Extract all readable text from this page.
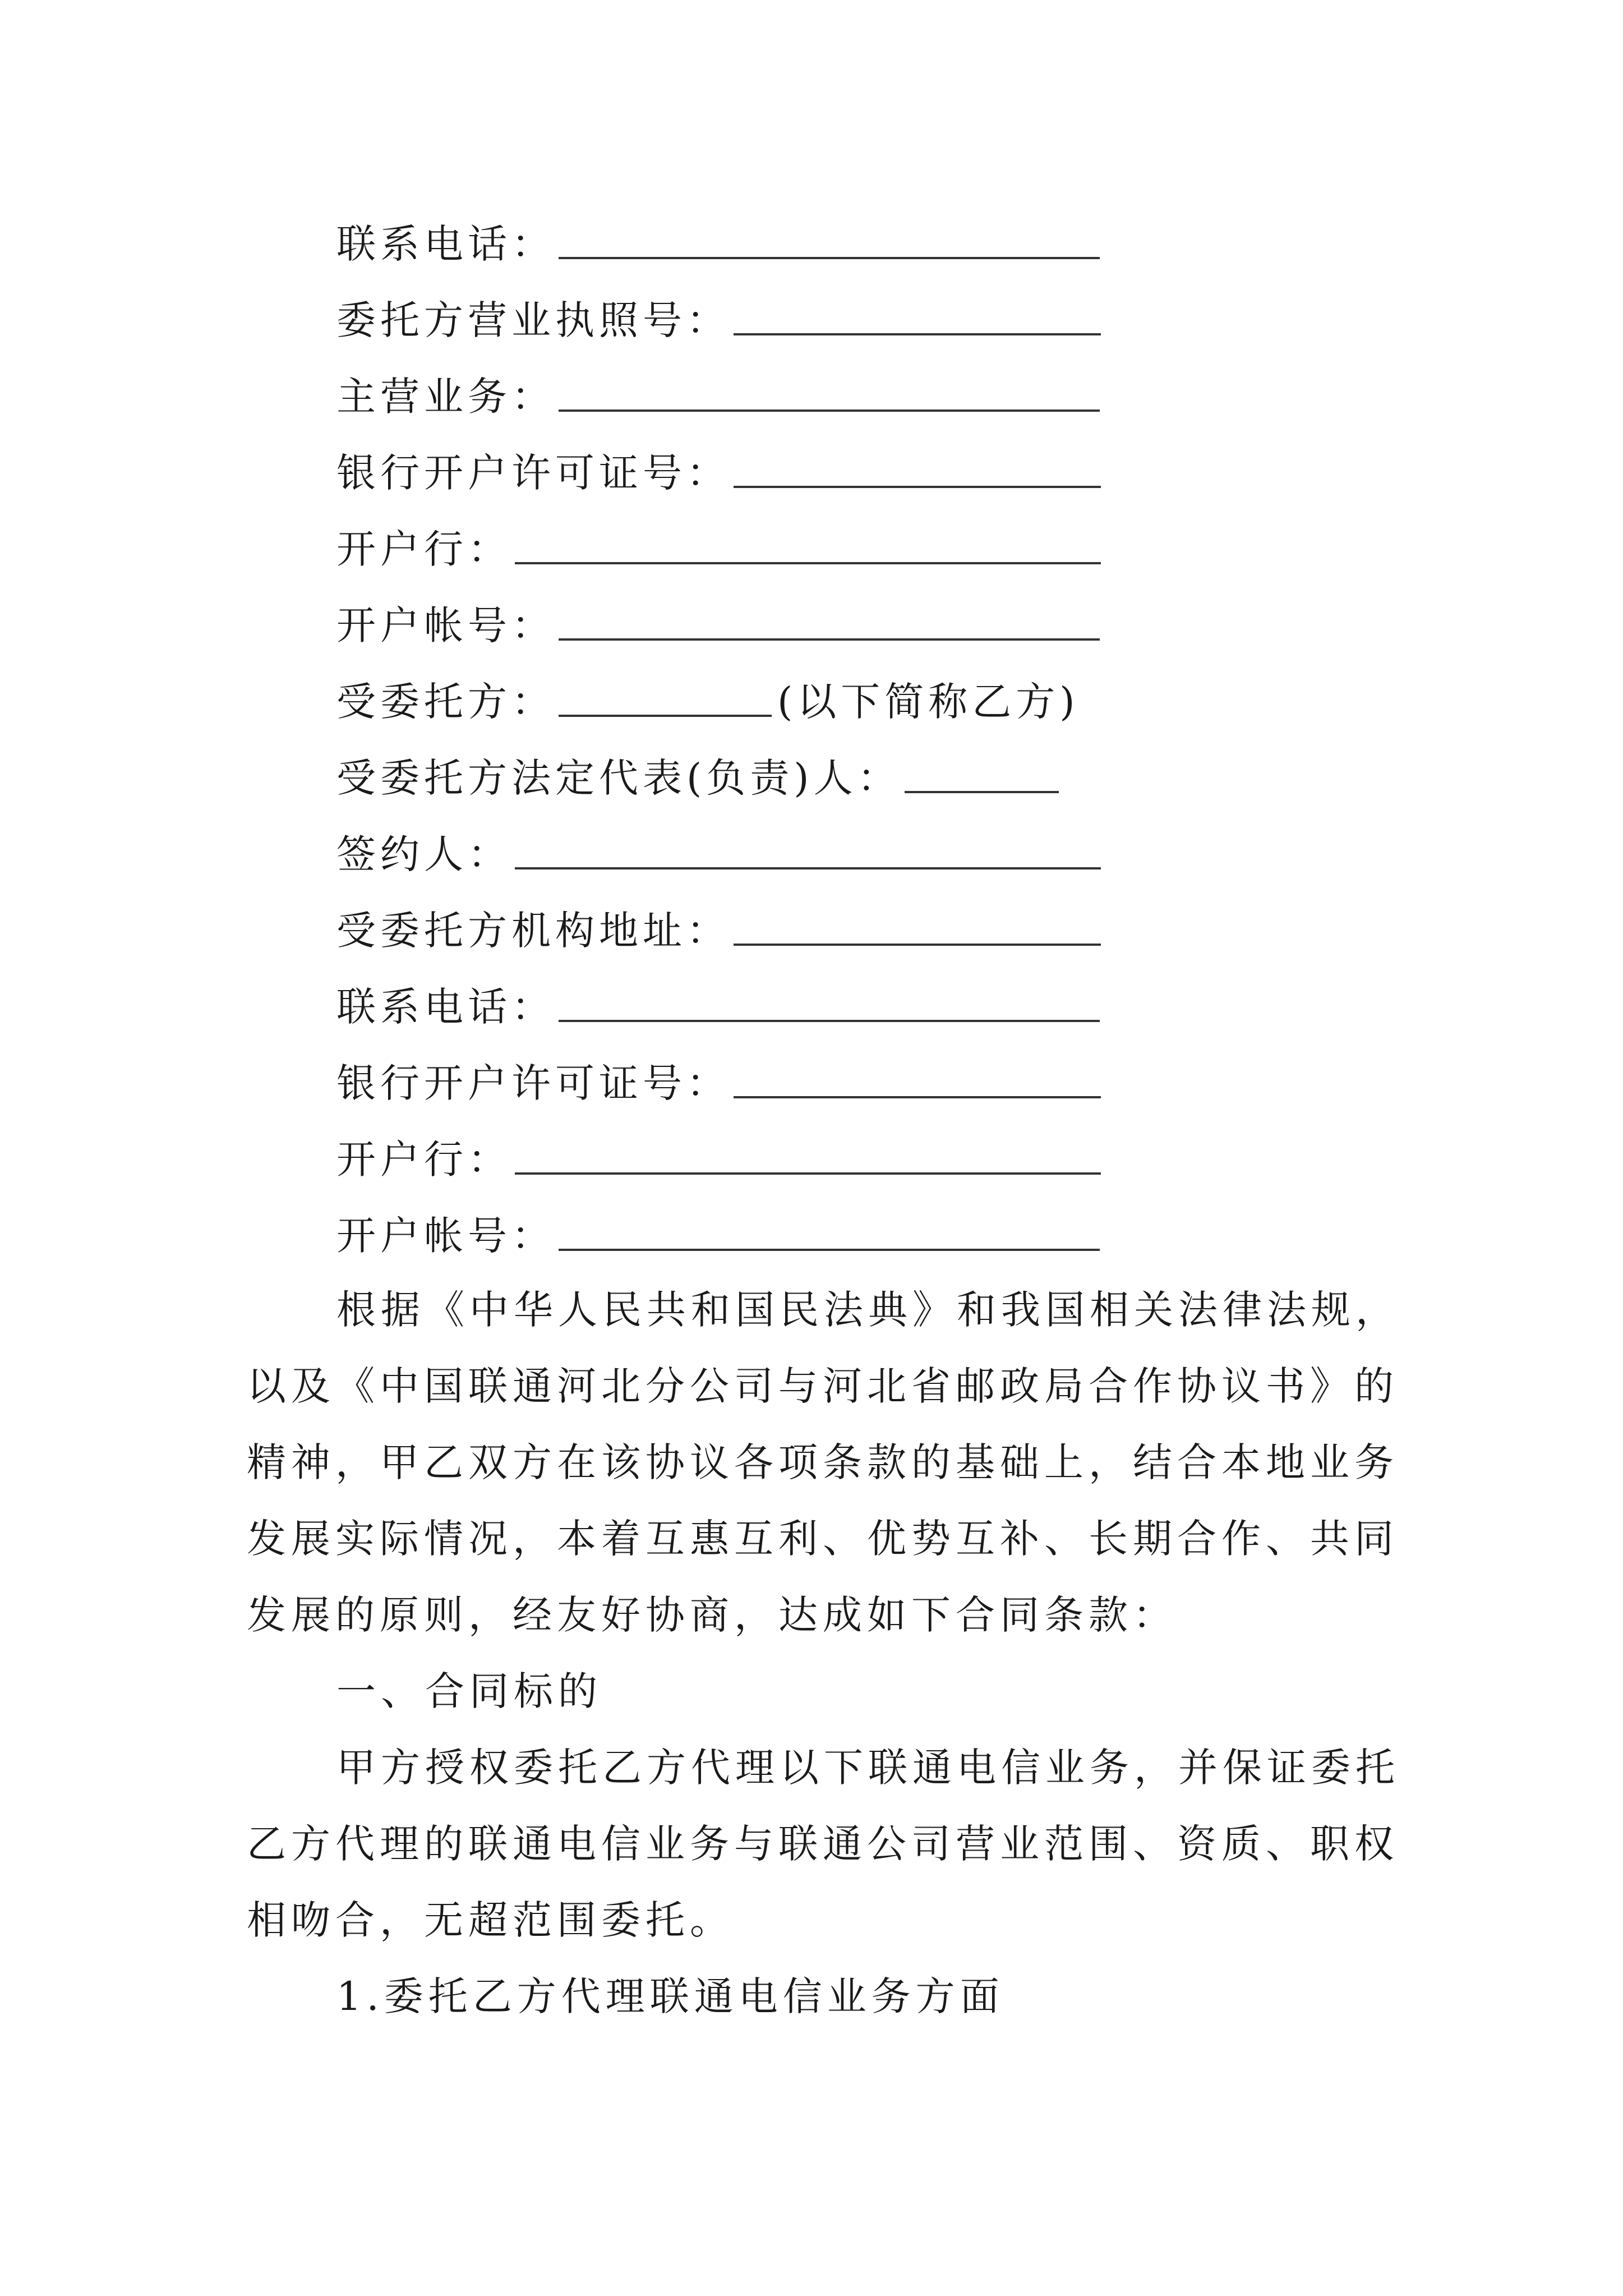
联系电话：
委托方营业执照号：
主营业务：
银行开户许可证号：
开户行：
开户帐号：
受委托方：	(以下简称乙方)
受委托方法定代表(负责)人：
签约人：
受委托方机构地址：
联系电话：
银行开户许可证号：
开户行：
开户帐号：
根据《中华人民共和国民法典》和我国相关法律法规，
以及《中国联通河北分公司与河北省邮政局合作协议书》的
精神，甲乙双方在该协议各项条款的基础上，结合本地业务
发展实际情况，本着互惠互利、优势互补、长期合作、共同
发展的原则，经友好协商，达成如下合同条款：
一、合同标的
甲方授权委托乙方代理以下联通电信业务，并保证委托
乙方代理的联通电信业务与联通公司营业范围、资质、职权
相吻合，无超范围委托。
1.委托乙方代理联通电信业务方面
